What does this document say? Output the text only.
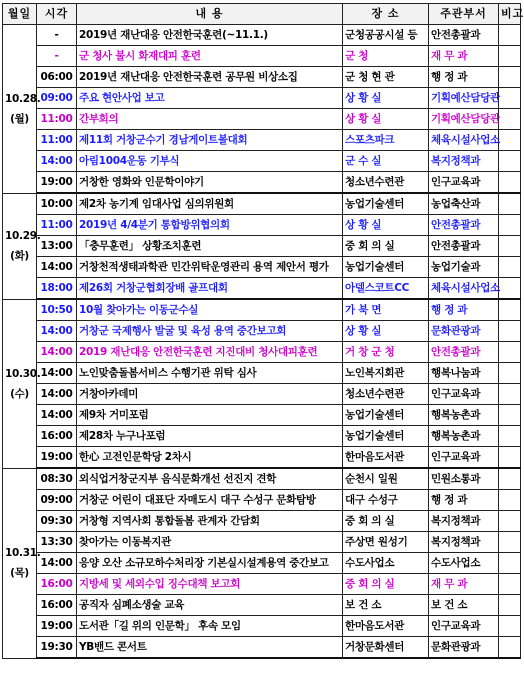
월일	시각	내 용	장 소	주관부서	비고

10.28.
(월)	-	2019년 재난대응 안전한국훈련(~11.1.)	군청공공시설 등	안전총괄과	
	-	군 청사 불시 화재대피 훈련	군 청	재 무 과	
	06:00	2019년 재난대응 안전한국훈련 공무원 비상소집	군 청 현 관	행 정 과	
	09:00	주요 현안사업 보고	상 황 실	기획예산담당관	
	11:00	간부회의	상 황 실	기획예산담당관	
	11:00	제11회 거창군수기 경남게이트볼대회	스포츠파크	체육시설사업소	
	14:00	아림1004운동 기부식	군 수 실	복지정책과	
	19:00	거창한 영화와 인문학이야기	청소년수련관	인구교육과	

10.29.
(화)	10:00	제2차 농기계 임대사업 심의위원회	농업기술센터	농업축산과	
	11:00	2019년 4/4분기 통합방위협의회	상 황 실	안전총괄과	
	13:00	「충무훈련」 상황조치훈련	중 회 의 실	안전총괄과	
	14:00	거창천적생태과학관 민간위탁운영관리 용역 제안서 평가	농업기술센터	농업기술과	
	18:00	제26회 거창군협회장배 골프대회	아델스코트CC	체육시설사업소	

10.30.
(수)	10:50	10월 찾아가는 이동군수실	가 북 면	행 정 과	
	14:00	거창군 국제행사 발굴 및 육성 용역 중간보고회	상 황 실	문화관광과	
	14:00	2019 재난대응 안전한국훈련 지진대비 청사대피훈련	거 창 군 청	안전총괄과	
	14:00	노인맞춤돌봄서비스 수행기관 위탁 심사	노인복지회관	행복나눔과	
	14:00	거창아카데미	청소년수련관	인구교육과	
	14:00	제9차 거미포럼	농업기술센터	행복농촌과	
	16:00	제28차 누구나포럼	농업기술센터	행복농촌과	
	19:00	한心 고전인문학당 2차시	한마음도서관	인구교육과	

10.31.
(목)	08:30	외식업거창군지부 음식문화개선 선진지 견학	순천시 일원	민원소통과	
	09:00	거창군 어린이 대표단 자매도시 대구 수성구 문화탐방	대구 수성구	행 정 과	
	09:30	거창형 지역사회 통합돌봄 관계자 간담회	중 회 의 실	복지정책과	
	13:30	찾아가는 이동복지관	주상면 원성기	복지정책과	
	14:00	응양 오산 소규모하수처리장 기본실시설계용역 중간보고	수도사업소	수도사업소	
	16:00	지방세 및 세외수입 징수대책 보고회	중 회 의 실	재 무 과	
	16:00	공직자 심폐소생술 교육	보 건 소	보 건 소	
	19:00	도서관「길 위의 인문학」 후속 모임	한마음도서관	인구교육과	
	19:30	YB밴드 콘서트	거창문화센터	문화관광과	
